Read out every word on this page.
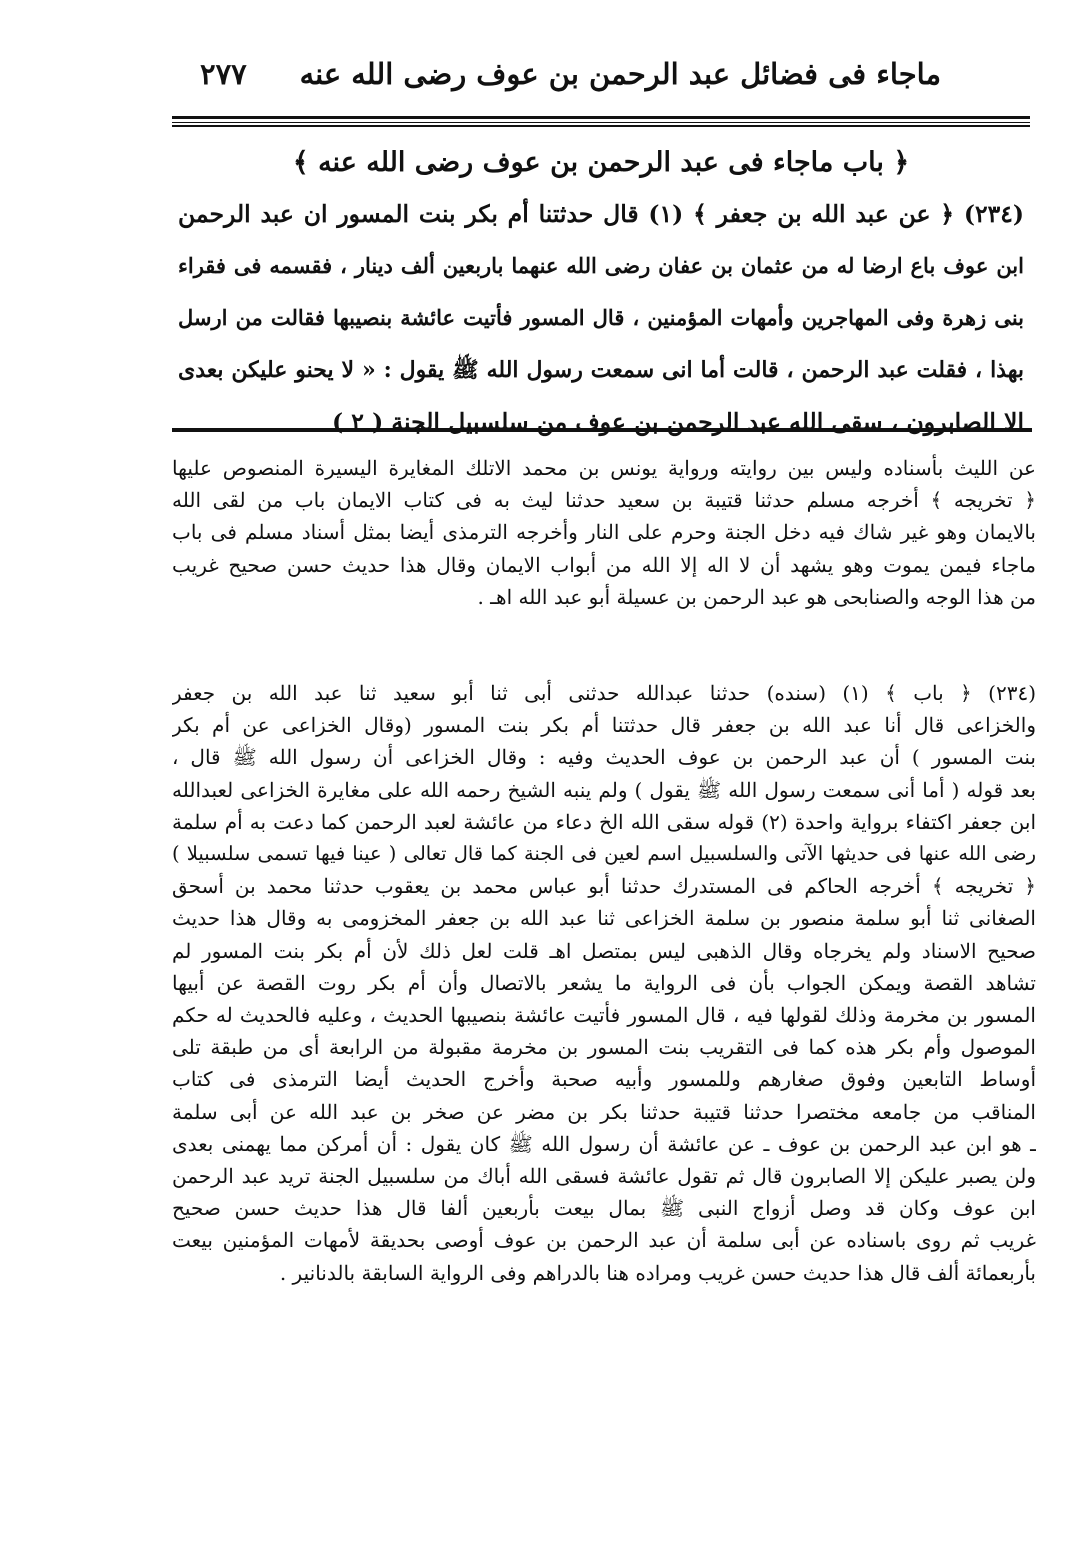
ماجاء فى فضائل عبد الرحمن بن عوف رضى الله عنه
٢٧٧
﴿ باب ماجاء فى عبد الرحمن بن عوف رضى الله عنه ﴾
(٢٣٤) ﴿ عن عبد الله بن جعفر ﴾ (١) قال حدثتنا أم بكر بنت المسور ان عبد الرحمن
ابن عوف باع ارضا له من عثمان بن عفان رضى الله عنهما باربعين ألف دينار ، فقسمه فى فقراء
بنى زهرة وفى المهاجرين وأمهات المؤمنين ، قال المسور فأتيت عائشة بنصيبها فقالت من ارسل
بهذا ، فقلت عبد الرحمن ، قالت أما انى سمعت رسول الله ﷺ يقول : « لا يحنو عليكن بعدى
الا الصابرون ، سقى الله عبد الرحمن بن عوف من سلسبيل الجنة ( ٢ )
عن الليث بأسناده وليس بين روايته ورواية يونس بن محمد الاتلك المغايرة اليسيرة المنصوص عليها
﴿ تخريجه ﴾ أخرجه مسلم حدثنا قتيبة بن سعيد حدثنا ليث به فى كتاب الايمان باب من لقى الله
بالايمان وهو غير شاك فيه دخل الجنة وحرم على النار وأخرجه الترمذى أيضا بمثل أسناد مسلم فى باب
ماجاء فيمن يموت وهو يشهد أن لا اله إلا الله من أبواب الايمان وقال هذا حديث حسن صحيح غريب
من هذا الوجه والصنابحى هو عبد الرحمن بن عسيلة أبو عبد الله اهـ .
(٢٣٤) ﴿ باب ﴾ (١) (سنده) حدثنا عبدالله حدثنى أبى ثنا أبو سعيد ثنا عبد الله بن جعفر
والخزاعى قال أنا عبد الله بن جعفر قال حدثتنا أم بكر بنت المسور (وقال الخزاعى عن أم بكر
بنت المسور ) أن عبد الرحمن بن عوف الحديث وفيه : وقال الخزاعى أن رسول الله ﷺ قال ،
بعد قوله ( أما أنى سمعت رسول الله ﷺ يقول ) ولم ينبه الشيخ رحمه الله على مغايرة الخزاعى لعبدالله
ابن جعفر اكتفاء برواية واحدة (٢) قوله سقى الله الخ دعاء من عائشة لعبد الرحمن كما دعت به أم سلمة
رضى الله عنها فى حديثها الآتى والسلسبيل اسم لعين فى الجنة كما قال تعالى ( عينا فيها تسمى سلسبيلا )
﴿ تخريجه ﴾ أخرجه الحاكم فى المستدرك حدثنا أبو عباس محمد بن يعقوب حدثنا محمد بن أسحق
الصغانى ثنا أبو سلمة منصور بن سلمة الخزاعى ثنا عبد الله بن جعفر المخزومى به وقال هذا حديث
صحيح الاسناد ولم يخرجاه وقال الذهبى ليس بمتصل اهـ قلت لعل ذلك لأن أم بكر بنت المسور لم
تشاهد القصة ويمكن الجواب بأن فى الرواية ما يشعر بالاتصال وأن أم بكر روت القصة عن أبيها
المسور بن مخرمة وذلك لقولها فيه ، قال المسور فأتيت عائشة بنصيبها الحديث ، وعليه فالحديث له حكم
الموصول وأم بكر هذه كما فى التقريب بنت المسور بن مخرمة مقبولة من الرابعة أى من طبقة تلى
أوساط التابعين وفوق صغارهم وللمسور وأبيه صحبة وأخرج الحديث أيضا الترمذى فى كتاب
المناقب من جامعه مختصرا حدثنا قتيبة حدثنا بكر بن مضر عن صخر بن عبد الله عن أبى سلمة
ـ هو ابن عبد الرحمن بن عوف ـ عن عائشة أن رسول الله ﷺ كان يقول : أن أمركن مما يهمنى بعدى
ولن يصبر عليكن إلا الصابرون قال ثم تقول عائشة فسقى الله أباك من سلسبيل الجنة تريد عبد الرحمن
ابن عوف وكان قد وصل أزواج النبى ﷺ بمال بيعت بأربعين ألفا قال هذا حديث حسن صحيح
غريب ثم روى باسناده عن أبى سلمة أن عبد الرحمن بن عوف أوصى بحديقة لأمهات المؤمنين بيعت
بأربعمائة ألف قال هذا حديث حسن غريب ومراده هنا بالدراهم وفى الرواية السابقة بالدنانير .
